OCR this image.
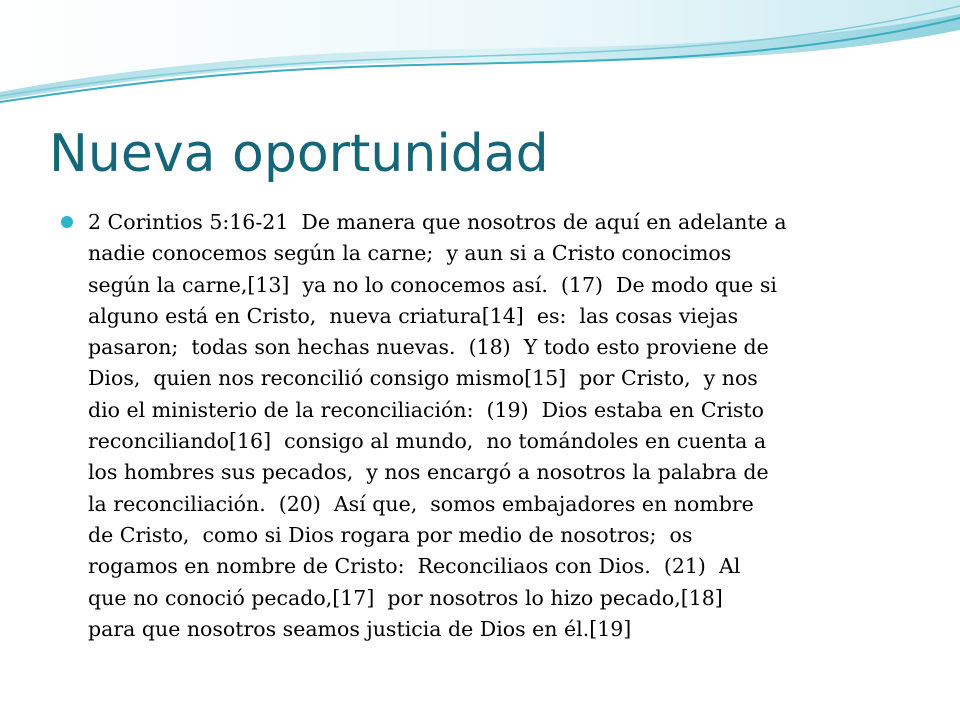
Nueva oportunidad
2 Corintios 5:16-21  De manera que nosotros de aquí en adelante a
nadie conocemos según la carne;  y aun si a Cristo conocimos
según la carne,[13]  ya no lo conocemos así.  (17)  De modo que si
alguno está en Cristo,  nueva criatura[14]  es:  las cosas viejas
pasaron;  todas son hechas nuevas.  (18)  Y todo esto proviene de
Dios,  quien nos reconcilió consigo mismo[15]  por Cristo,  y nos
dio el ministerio de la reconciliación:  (19)  Dios estaba en Cristo
reconciliando[16]  consigo al mundo,  no tomándoles en cuenta a
los hombres sus pecados,  y nos encargó a nosotros la palabra de
la reconciliación.  (20)  Así que,  somos embajadores en nombre
de Cristo,  como si Dios rogara por medio de nosotros;  os
rogamos en nombre de Cristo:  Reconciliaos con Dios.  (21)  Al
que no conoció pecado,[17]  por nosotros lo hizo pecado,[18]
para que nosotros seamos justicia de Dios en él.[19]
